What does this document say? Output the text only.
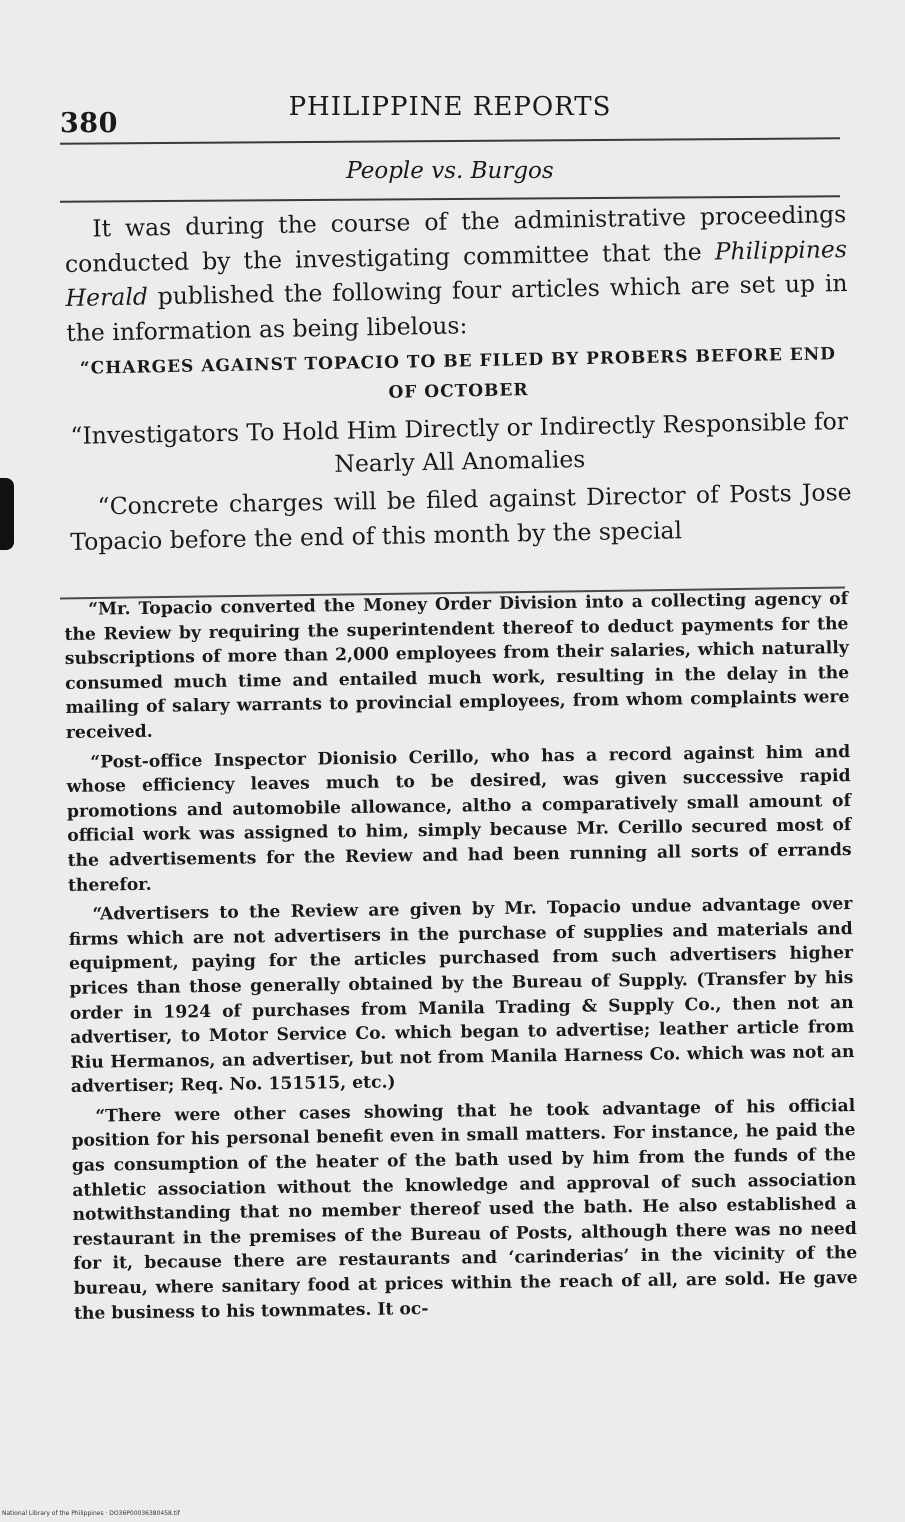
380
PHILIPPINE REPORTS
People vs. Burgos

It was during the course of the administrative proceedings conducted by the investigating committee that the Philippines Herald published the following four articles which are set up in the information as being libelous:

“CHARGES AGAINST TOPACIO TO BE FILED BY PROBERS BEFORE END OF OCTOBER
“Investigators To Hold Him Directly or Indirectly Responsible for Nearly All Anomalies

“Concrete charges will be filed against Director of Posts Jose Topacio before the end of this month by the special

“Mr. Topacio converted the Money Order Division into a collecting agency of the Review by requiring the superintendent thereof to deduct payments for the subscriptions of more than 2,000 employees from their salaries, which naturally consumed much time and entailed much work, resulting in the delay in the mailing of salary warrants to provincial employees, from whom complaints were received.

“Post-office Inspector Dionisio Cerillo, who has a record against him and whose efficiency leaves much to be desired, was given successive rapid promotions and automobile allowance, altho a comparatively small amount of official work was assigned to him, simply because Mr. Cerillo secured most of the advertisements for the Review and had been running all sorts of errands therefor.

“Advertisers to the Review are given by Mr. Topacio undue advantage over firms which are not advertisers in the purchase of supplies and materials and equipment, paying for the articles purchased from such advertisers higher prices than those generally obtained by the Bureau of Supply. (Transfer by his order in 1924 of purchases from Manila Trading & Supply Co., then not an advertiser, to Motor Service Co. which began to advertise; leather article from Riu Hermanos, an advertiser, but not from Manila Harness Co. which was not an advertiser; Req. No. 151515, etc.)

“There were other cases showing that he took advantage of his official position for his personal benefit even in small matters. For instance, he paid the gas consumption of the heater of the bath used by him from the funds of the athletic association without the knowledge and approval of such association notwithstanding that no member thereof used the bath. He also established a restaurant in the premises of the Bureau of Posts, although there was no need for it, because there are restaurants and ‘carinderias’ in the vicinity of the bureau, where sanitary food at prices within the reach of all, are sold. He gave the business to his townmates. It oc-

National Library of the Philippines · DO36P00036380458.tif
